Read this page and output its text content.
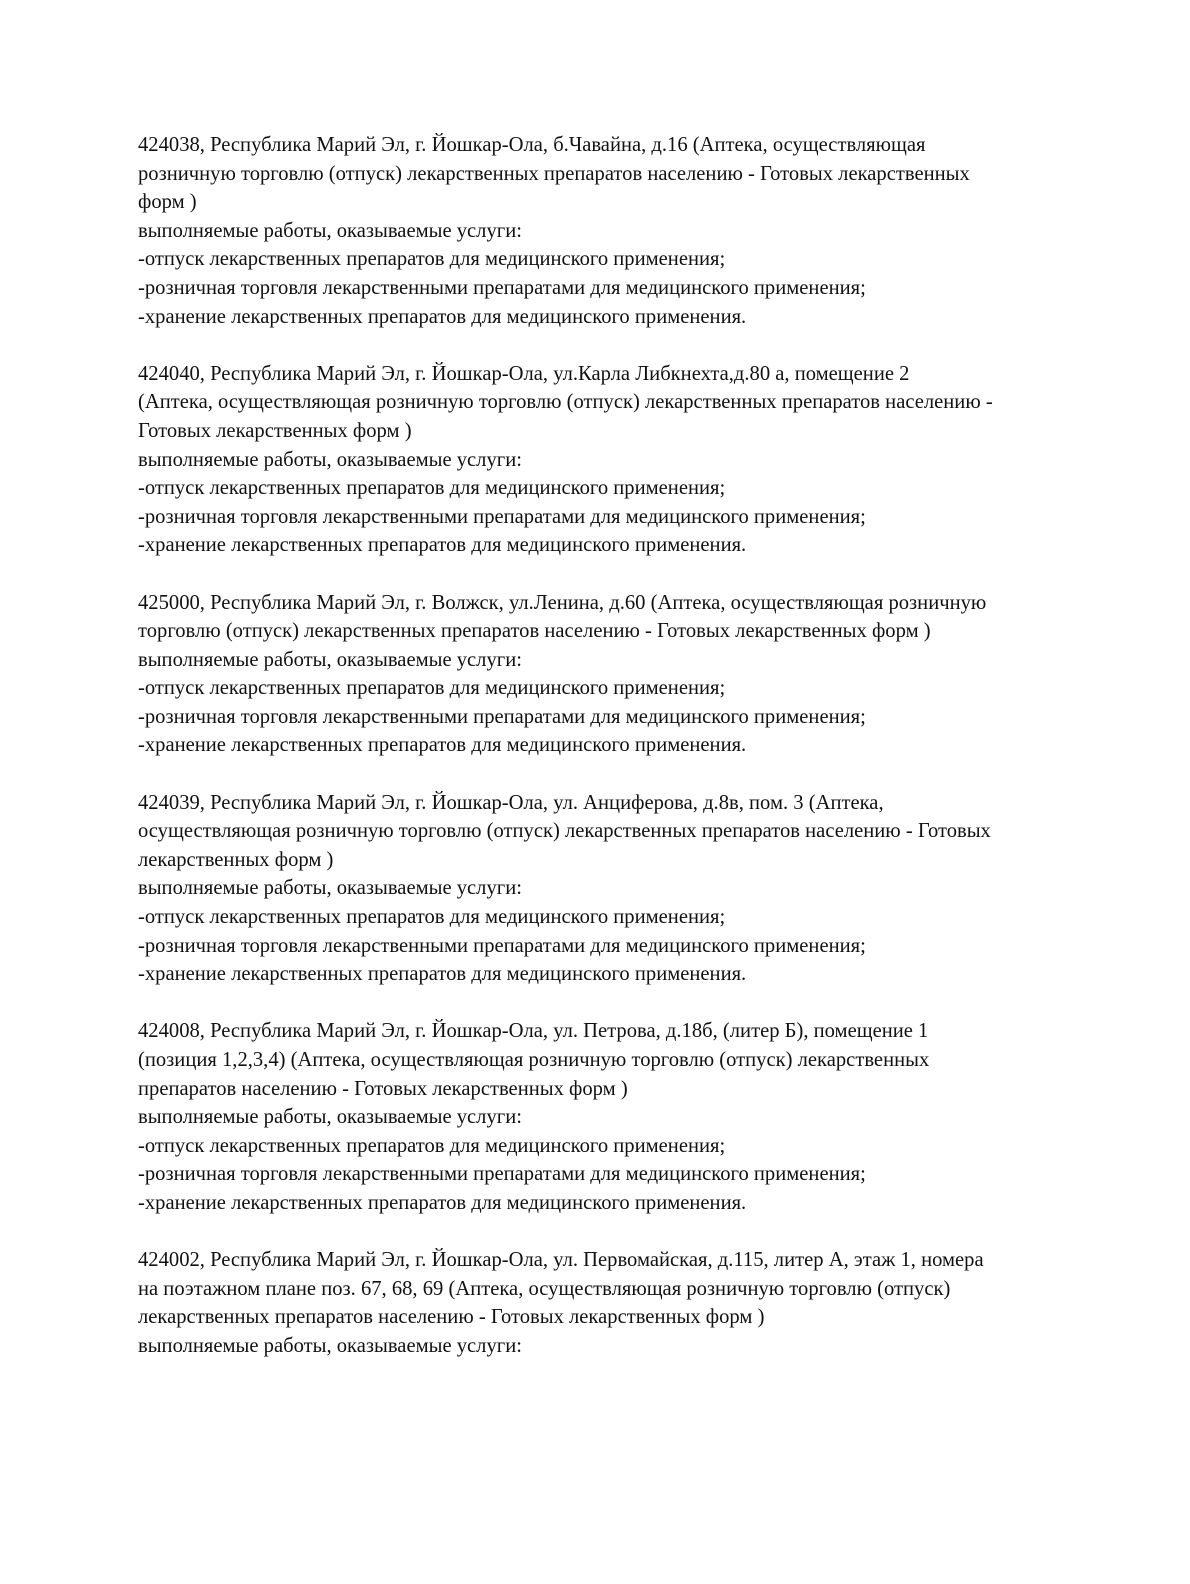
424038, Республика Марий Эл, г. Йошкар-Ола, б.Чавайна, д.16 (Аптека, осуществляющая
розничную торговлю (отпуск) лекарственных препаратов населению - Готовых лекарственных
форм )
выполняемые работы, оказываемые услуги:
-отпуск лекарственных препаратов для медицинского применения;
-розничная торговля лекарственными препаратами для медицинского применения;
-хранение лекарственных препаратов для медицинского применения.
424040, Республика Марий Эл, г. Йошкар-Ола, ул.Карла Либкнехта,д.80 а, помещение 2
(Аптека, осуществляющая розничную торговлю (отпуск) лекарственных препаратов населению -
Готовых лекарственных форм )
выполняемые работы, оказываемые услуги:
-отпуск лекарственных препаратов для медицинского применения;
-розничная торговля лекарственными препаратами для медицинского применения;
-хранение лекарственных препаратов для медицинского применения.
425000, Республика Марий Эл, г. Волжск, ул.Ленина, д.60 (Аптека, осуществляющая розничную
торговлю (отпуск) лекарственных препаратов населению - Готовых лекарственных форм )
выполняемые работы, оказываемые услуги:
-отпуск лекарственных препаратов для медицинского применения;
-розничная торговля лекарственными препаратами для медицинского применения;
-хранение лекарственных препаратов для медицинского применения.
424039, Республика Марий Эл, г. Йошкар-Ола, ул. Анциферова, д.8в, пом. 3 (Аптека,
осуществляющая розничную торговлю (отпуск) лекарственных препаратов населению - Готовых
лекарственных форм )
выполняемые работы, оказываемые услуги:
-отпуск лекарственных препаратов для медицинского применения;
-розничная торговля лекарственными препаратами для медицинского применения;
-хранение лекарственных препаратов для медицинского применения.
424008, Республика Марий Эл, г. Йошкар-Ола, ул. Петрова, д.18б, (литер Б), помещение 1
(позиция 1,2,3,4) (Аптека, осуществляющая розничную торговлю (отпуск) лекарственных
препаратов населению - Готовых лекарственных форм )
выполняемые работы, оказываемые услуги:
-отпуск лекарственных препаратов для медицинского применения;
-розничная торговля лекарственными препаратами для медицинского применения;
-хранение лекарственных препаратов для медицинского применения.
424002, Республика Марий Эл, г. Йошкар-Ола, ул. Первомайская, д.115, литер А, этаж 1, номера
на поэтажном плане поз. 67, 68, 69 (Аптека, осуществляющая розничную торговлю (отпуск)
лекарственных препаратов населению - Готовых лекарственных форм )
выполняемые работы, оказываемые услуги:
